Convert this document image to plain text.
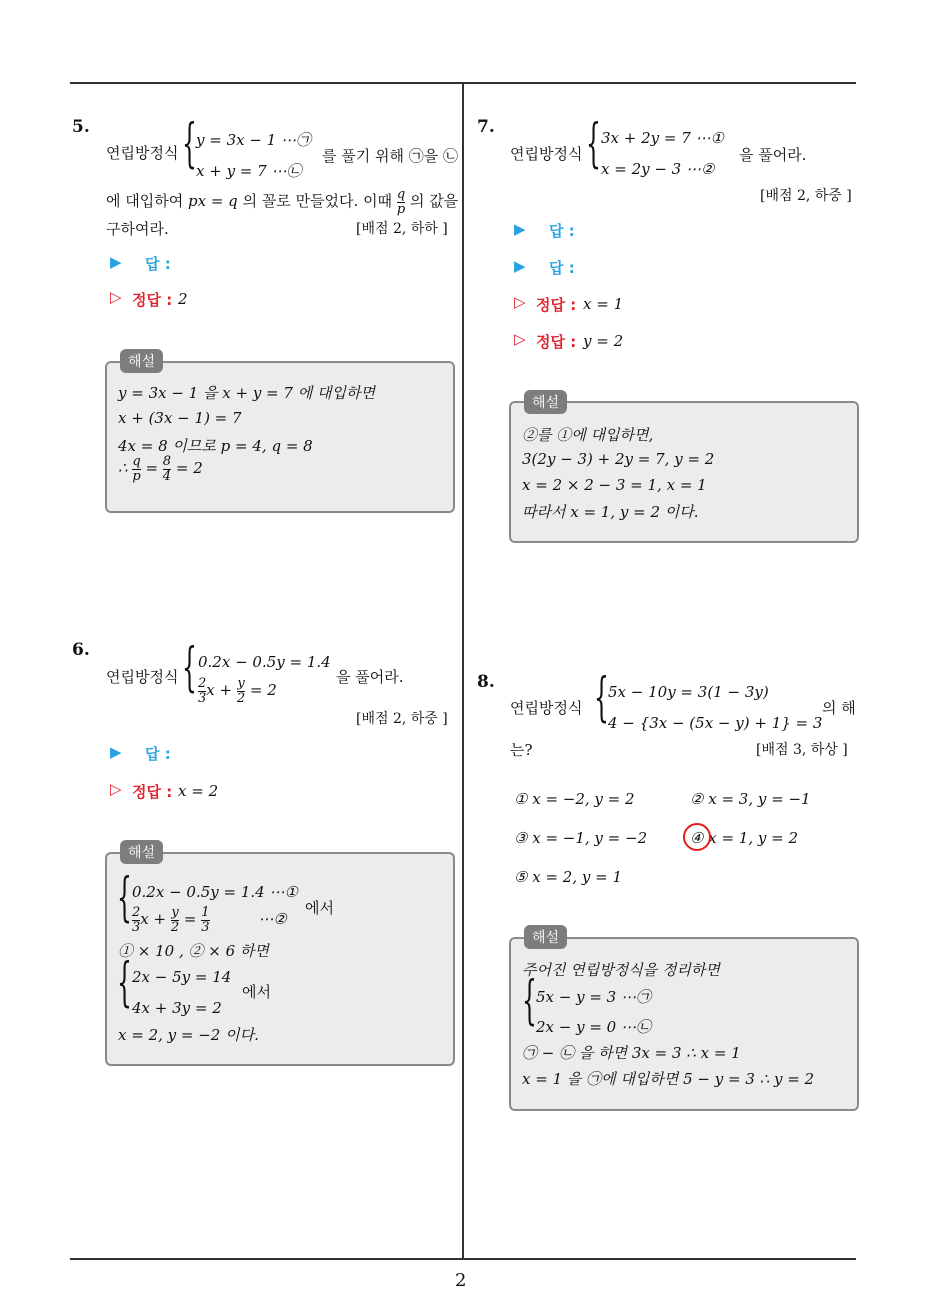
2
5.
연립방정식 { y = 3x − 1 ⋯㉠
x + y = 7 ⋯㉡
를 풀기 위해 ㉠을 ㉡
에 대입하여 px = q 의 꼴로 만들었다. 이때 $\frac{q}{p}$ 의 값을
구하여라.	[배점 2, 하하 ]
▶ 답 :
▷ 정답 : 2
해설
y = 3x − 1 을 x + y = 7 에 대입하면
x + (3x − 1) = 7
4x = 8 이므로 p = 4, q = 8
∴ $\frac{q}{p} = \frac{8}{4} = 2$
6.
연립방정식 { 0.2x − 0.5y = 1.4
$\frac{2}{3}$ $x + \frac{y}{2} = 2$
을 풀어라.
[배점 2, 하중 ]
▶ 답 :
▷ 정답 : x = 2
해설
{ 0.2x − 0.5y = 1.4 ⋯①
$\frac{2}{3}$ $x + \frac{y}{2} = \frac{1}{3}$	⋯②
에서
① × 10 , ② × 6 하면
{ 2x − 5y = 14
4x + 3y = 2
에서
x = 2, y = −2 이다.
7.
연립방정식 { 3x + 2y = 7 ⋯①
x = 2y − 3 ⋯②
을 풀어라.
[배점 2, 하중 ]
▶ 답 :
▶ 답 :
▷ 정답 : x = 1
▷ 정답 : y = 2
해설
②를 ①에 대입하면,
3(2y − 3) + 2y = 7, y = 2
x = 2 × 2 − 3 = 1, x = 1
따라서 x = 1, y = 2 이다.
8.
연립방정식 { 5x − 10y = 3(1 − 3y)
4 − {3x − (5x − y) + 1} = 3
의 해
는?	[배점 3, 하상 ]
① x = −2, y = 2	② x = 3, y = −1
③ x = −1, y = −2	④ x = 1, y = 2
⑤ x = 2, y = 1
해설
주어진 연립방정식을 정리하면
{ 5x − y = 3 ⋯㉠
2x − y = 0 ⋯㉡
㉠ − ㉡ 을 하면 3x = 3 ∴ x = 1
x = 1 을 ㉠에 대입하면 5 − y = 3 ∴ y = 2
